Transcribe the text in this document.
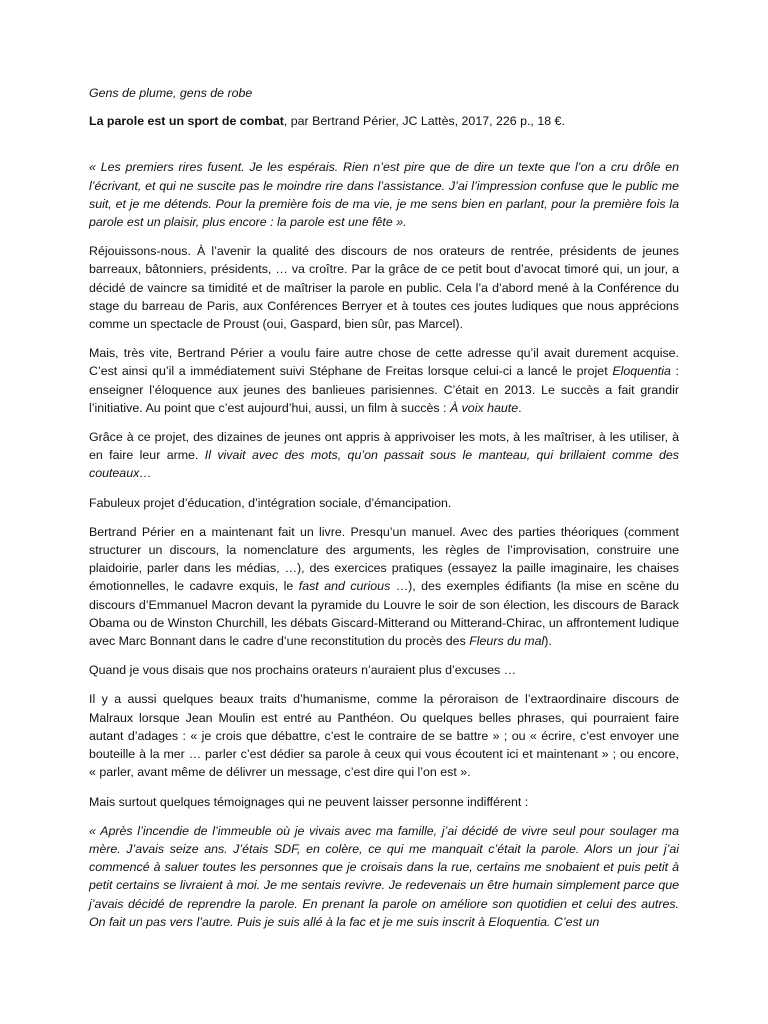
Gens de plume, gens de robe

La parole est un sport de combat, par Bertrand Périer, JC Lattès, 2017, 226 p., 18 €.

« Les premiers rires fusent. Je les espérais. Rien n’est pire que de dire un texte que l’on a cru drôle en l’écrivant, et qui ne suscite pas le moindre rire dans l’assistance. J’ai l’impression confuse que le public me suit, et je me détends. Pour la première fois de ma vie, je me sens bien en parlant, pour la première fois la parole est un plaisir, plus encore : la parole est une fête ».

Réjouissons-nous. À l’avenir la qualité des discours de nos orateurs de rentrée, présidents de jeunes barreaux, bâtonniers, présidents, … va croître. Par la grâce de ce petit bout d’avocat timoré qui, un jour, a décidé de vaincre sa timidité et de maîtriser la parole en public. Cela l’a d’abord mené à la Conférence du stage du barreau de Paris, aux Conférences Berryer et à toutes ces joutes ludiques que nous apprécions comme un spectacle de Proust (oui, Gaspard, bien sûr, pas Marcel).

Mais, très vite, Bertrand Périer a voulu faire autre chose de cette adresse qu’il avait durement acquise. C’est ainsi qu’il a immédiatement suivi Stéphane de Freitas lorsque celui-ci a lancé le projet Eloquentia : enseigner l’éloquence aux jeunes des banlieues parisiennes. C’était en 2013. Le succès a fait grandir l’initiative. Au point que c’est aujourd’hui, aussi, un film à succès : À voix haute.

Grâce à ce projet, des dizaines de jeunes ont appris à apprivoiser les mots, à les maîtriser, à les utiliser, à en faire leur arme. Il vivait avec des mots, qu’on passait sous le manteau, qui brillaient comme des couteaux…

Fabuleux projet d’éducation, d’intégration sociale, d’émancipation.

Bertrand Périer en a maintenant fait un livre. Presqu’un manuel. Avec des parties théoriques (comment structurer un discours, la nomenclature des arguments, les règles de l’improvisation, construire une plaidoirie, parler dans les médias, …), des exercices pratiques (essayez la paille imaginaire, les chaises émotionnelles, le cadavre exquis, le fast and curious …), des exemples édifiants (la mise en scène du discours d’Emmanuel Macron devant la pyramide du Louvre le soir de son élection, les discours de Barack Obama ou de Winston Churchill, les débats Giscard-Mitterand ou Mitterand-Chirac, un affrontement ludique avec Marc Bonnant dans le cadre d’une reconstitution du procès des Fleurs du mal).

Quand je vous disais que nos prochains orateurs n’auraient plus d’excuses …

Il y a aussi quelques beaux traits d’humanisme, comme la péroraison de l’extraordinaire discours de Malraux lorsque Jean Moulin est entré au Panthéon. Ou quelques belles phrases, qui pourraient faire autant d’adages : « je crois que débattre, c’est le contraire de se battre » ; ou « écrire, c’est envoyer une bouteille à la mer … parler c’est dédier sa parole à ceux qui vous écoutent ici et maintenant » ; ou encore, « parler, avant même de délivrer un message, c’est dire qui l’on est ».

Mais surtout quelques témoignages qui ne peuvent laisser personne indifférent :

« Après l’incendie de l’immeuble où je vivais avec ma famille, j’ai décidé de vivre seul pour soulager ma mère. J’avais seize ans. J’étais SDF, en colère, ce qui me manquait c’était la parole. Alors un jour j’ai commencé à saluer toutes les personnes que je croisais dans la rue, certains me snobaient et puis petit à petit certains se livraient à moi. Je me sentais revivre. Je redevenais un être humain simplement parce que j’avais décidé de reprendre la parole. En prenant la parole on améliore son quotidien et celui des autres. On fait un pas vers l’autre. Puis je suis allé à la fac et je me suis inscrit à Eloquentia. C’est un
